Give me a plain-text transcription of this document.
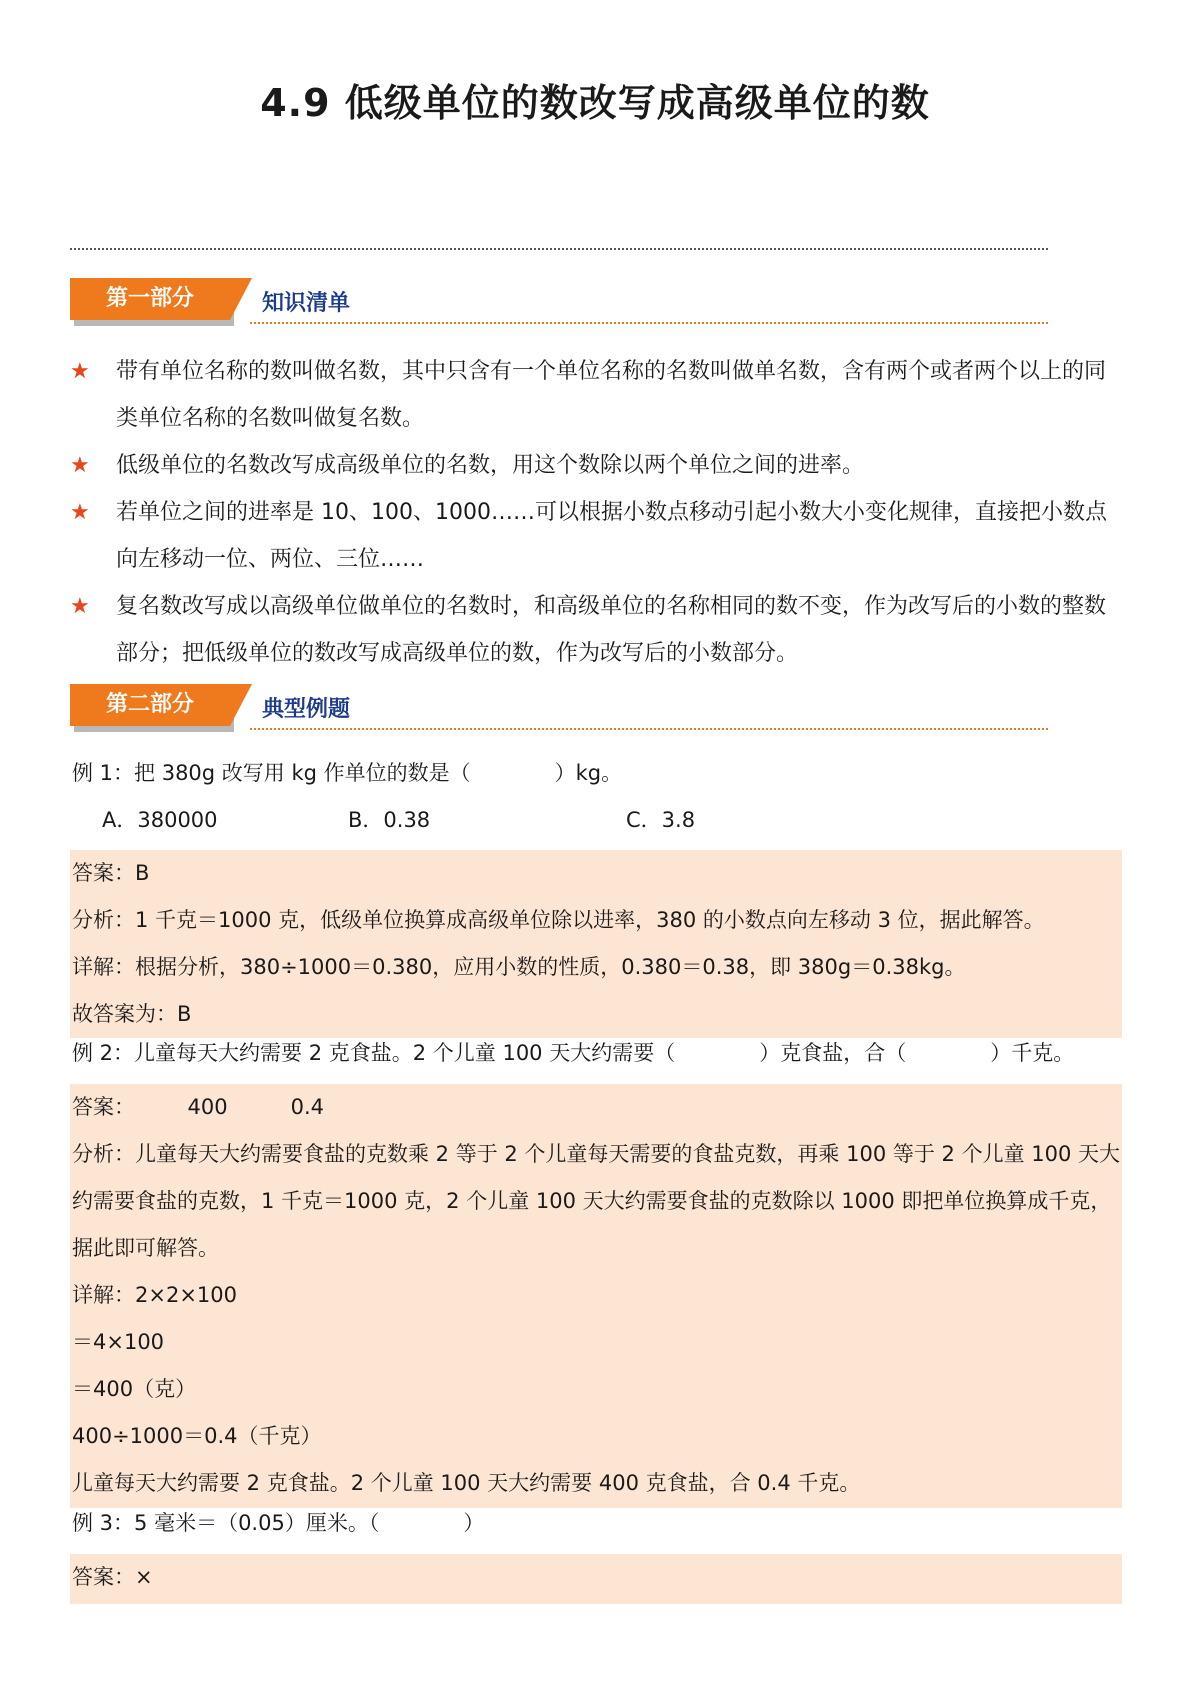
4.9 低级单位的数改写成高级单位的数
第一部分	知识清单
★ 带有单位名称的数叫做名数，其中只含有一个单位名称的名数叫做单名数，含有两个或者两个以上的同类单位名称的名数叫做复名数。
★ 低级单位的名数改写成高级单位的名数，用这个数除以两个单位之间的进率。
★ 若单位之间的进率是 10、100、1000……可以根据小数点移动引起小数大小变化规律，直接把小数点向左移动一位、两位、三位……
★ 复名数改写成以高级单位做单位的名数时，和高级单位的名称相同的数不变，作为改写后的小数的整数部分；把低级单位的数改写成高级单位的数，作为改写后的小数部分。
第二部分	典型例题
例 1：把 380g 改写用 kg 作单位的数是（　　　　）kg。
A．380000	B．0.38	C．3.8
答案：B
分析：1 千克＝1000 克，低级单位换算成高级单位除以进率，380 的小数点向左移动 3 位，据此解答。
详解：根据分析，380÷1000＝0.380，应用小数的性质，0.380＝0.38，即 380g＝0.38kg。
故答案为：B
例 2：儿童每天大约需要 2 克食盐。2 个儿童 100 天大约需要（　　　　）克食盐，合（　　　　）千克。
答案：　　　400　　　0.4
分析：儿童每天大约需要食盐的克数乘 2 等于 2 个儿童每天需要的食盐克数，再乘 100 等于 2 个儿童 100 天大约需要食盐的克数，1 千克＝1000 克，2 个儿童 100 天大约需要食盐的克数除以 1000 即把单位换算成千克，据此即可解答。
详解：2×2×100
＝4×100
＝400（克）
400÷1000＝0.4（千克）
儿童每天大约需要 2 克食盐。2 个儿童 100 天大约需要 400 克食盐，合 0.4 千克。
例 3：5 毫米＝（0.05）厘米。（　　　　）
答案：×
